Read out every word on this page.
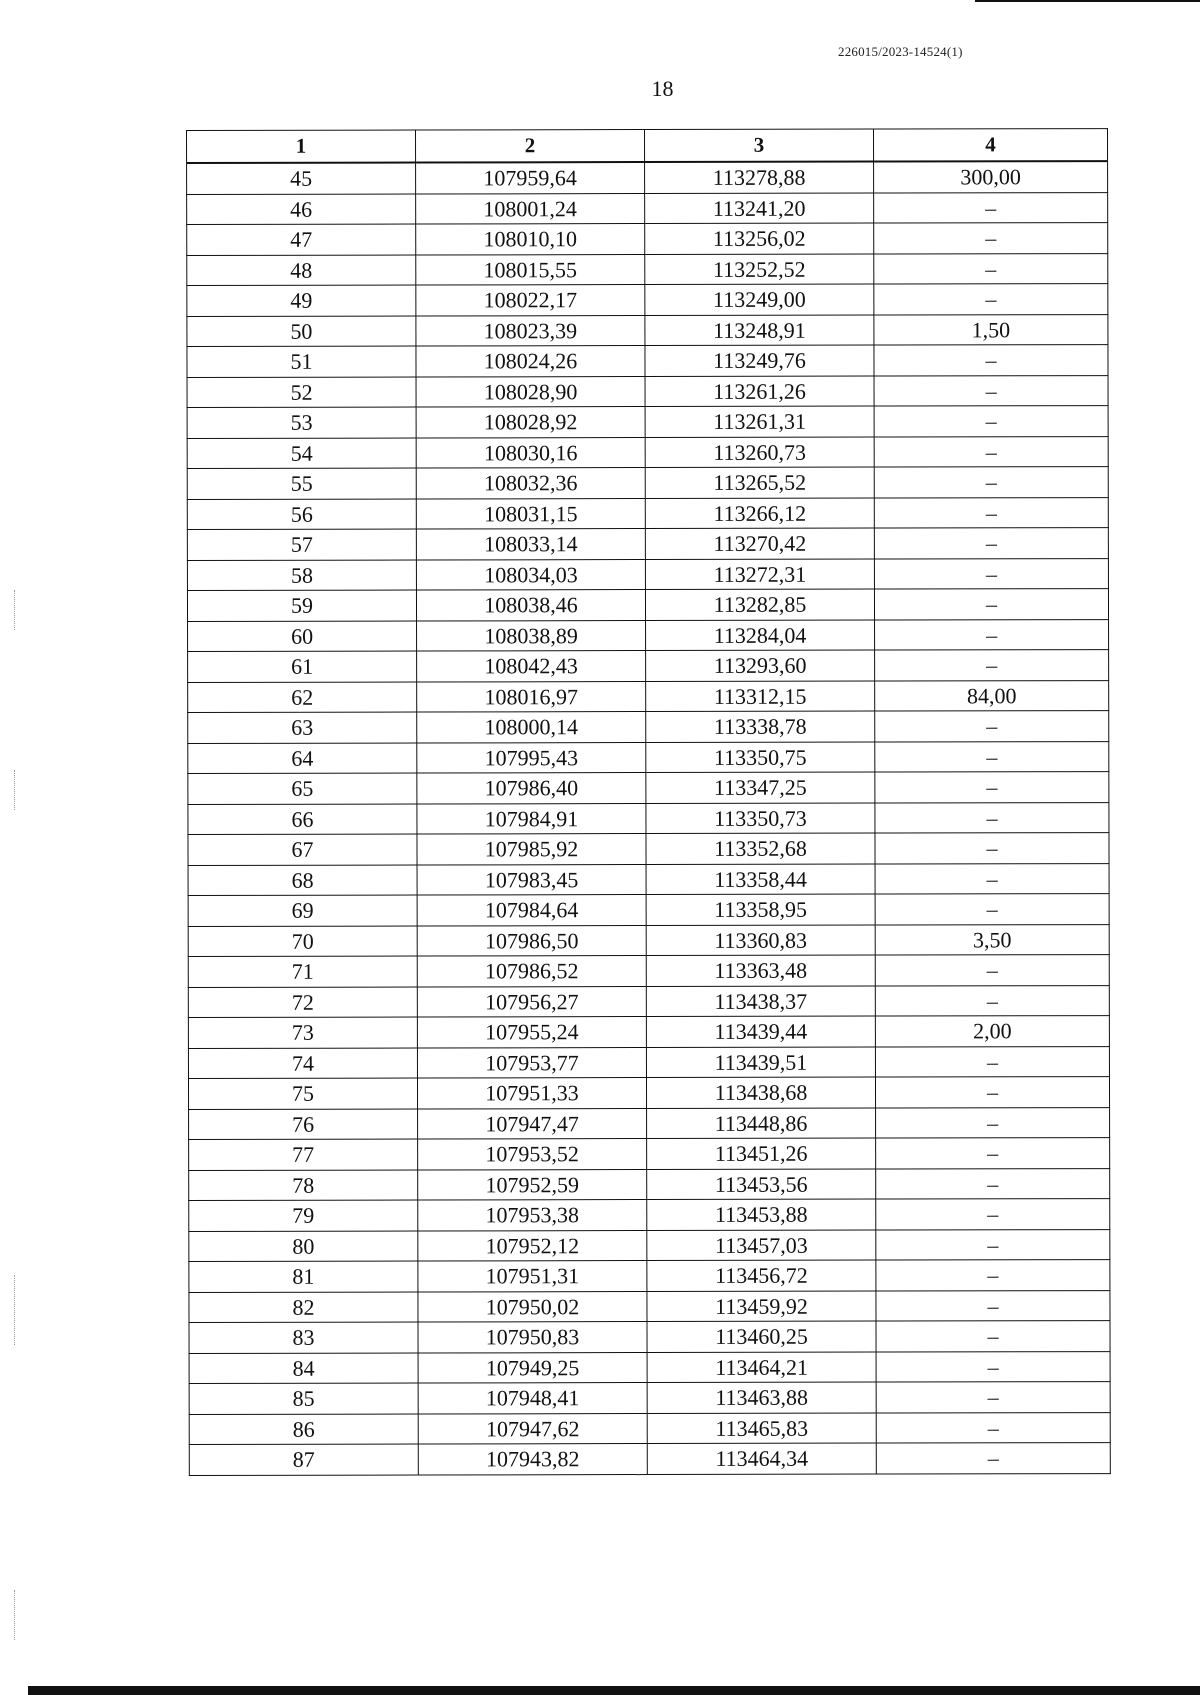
226015/2023-14524(1)
18
1	2	3	4
45	107959,64	113278,88	300,00
46	108001,24	113241,20	–
47	108010,10	113256,02	–
48	108015,55	113252,52	–
49	108022,17	113249,00	–
50	108023,39	113248,91	1,50
51	108024,26	113249,76	–
52	108028,90	113261,26	–
53	108028,92	113261,31	–
54	108030,16	113260,73	–
55	108032,36	113265,52	–
56	108031,15	113266,12	–
57	108033,14	113270,42	–
58	108034,03	113272,31	–
59	108038,46	113282,85	–
60	108038,89	113284,04	–
61	108042,43	113293,60	–
62	108016,97	113312,15	84,00
63	108000,14	113338,78	–
64	107995,43	113350,75	–
65	107986,40	113347,25	–
66	107984,91	113350,73	–
67	107985,92	113352,68	–
68	107983,45	113358,44	–
69	107984,64	113358,95	–
70	107986,50	113360,83	3,50
71	107986,52	113363,48	–
72	107956,27	113438,37	–
73	107955,24	113439,44	2,00
74	107953,77	113439,51	–
75	107951,33	113438,68	–
76	107947,47	113448,86	–
77	107953,52	113451,26	–
78	107952,59	113453,56	–
79	107953,38	113453,88	–
80	107952,12	113457,03	–
81	107951,31	113456,72	–
82	107950,02	113459,92	–
83	107950,83	113460,25	–
84	107949,25	113464,21	–
85	107948,41	113463,88	–
86	107947,62	113465,83	–
87	107943,82	113464,34	–
